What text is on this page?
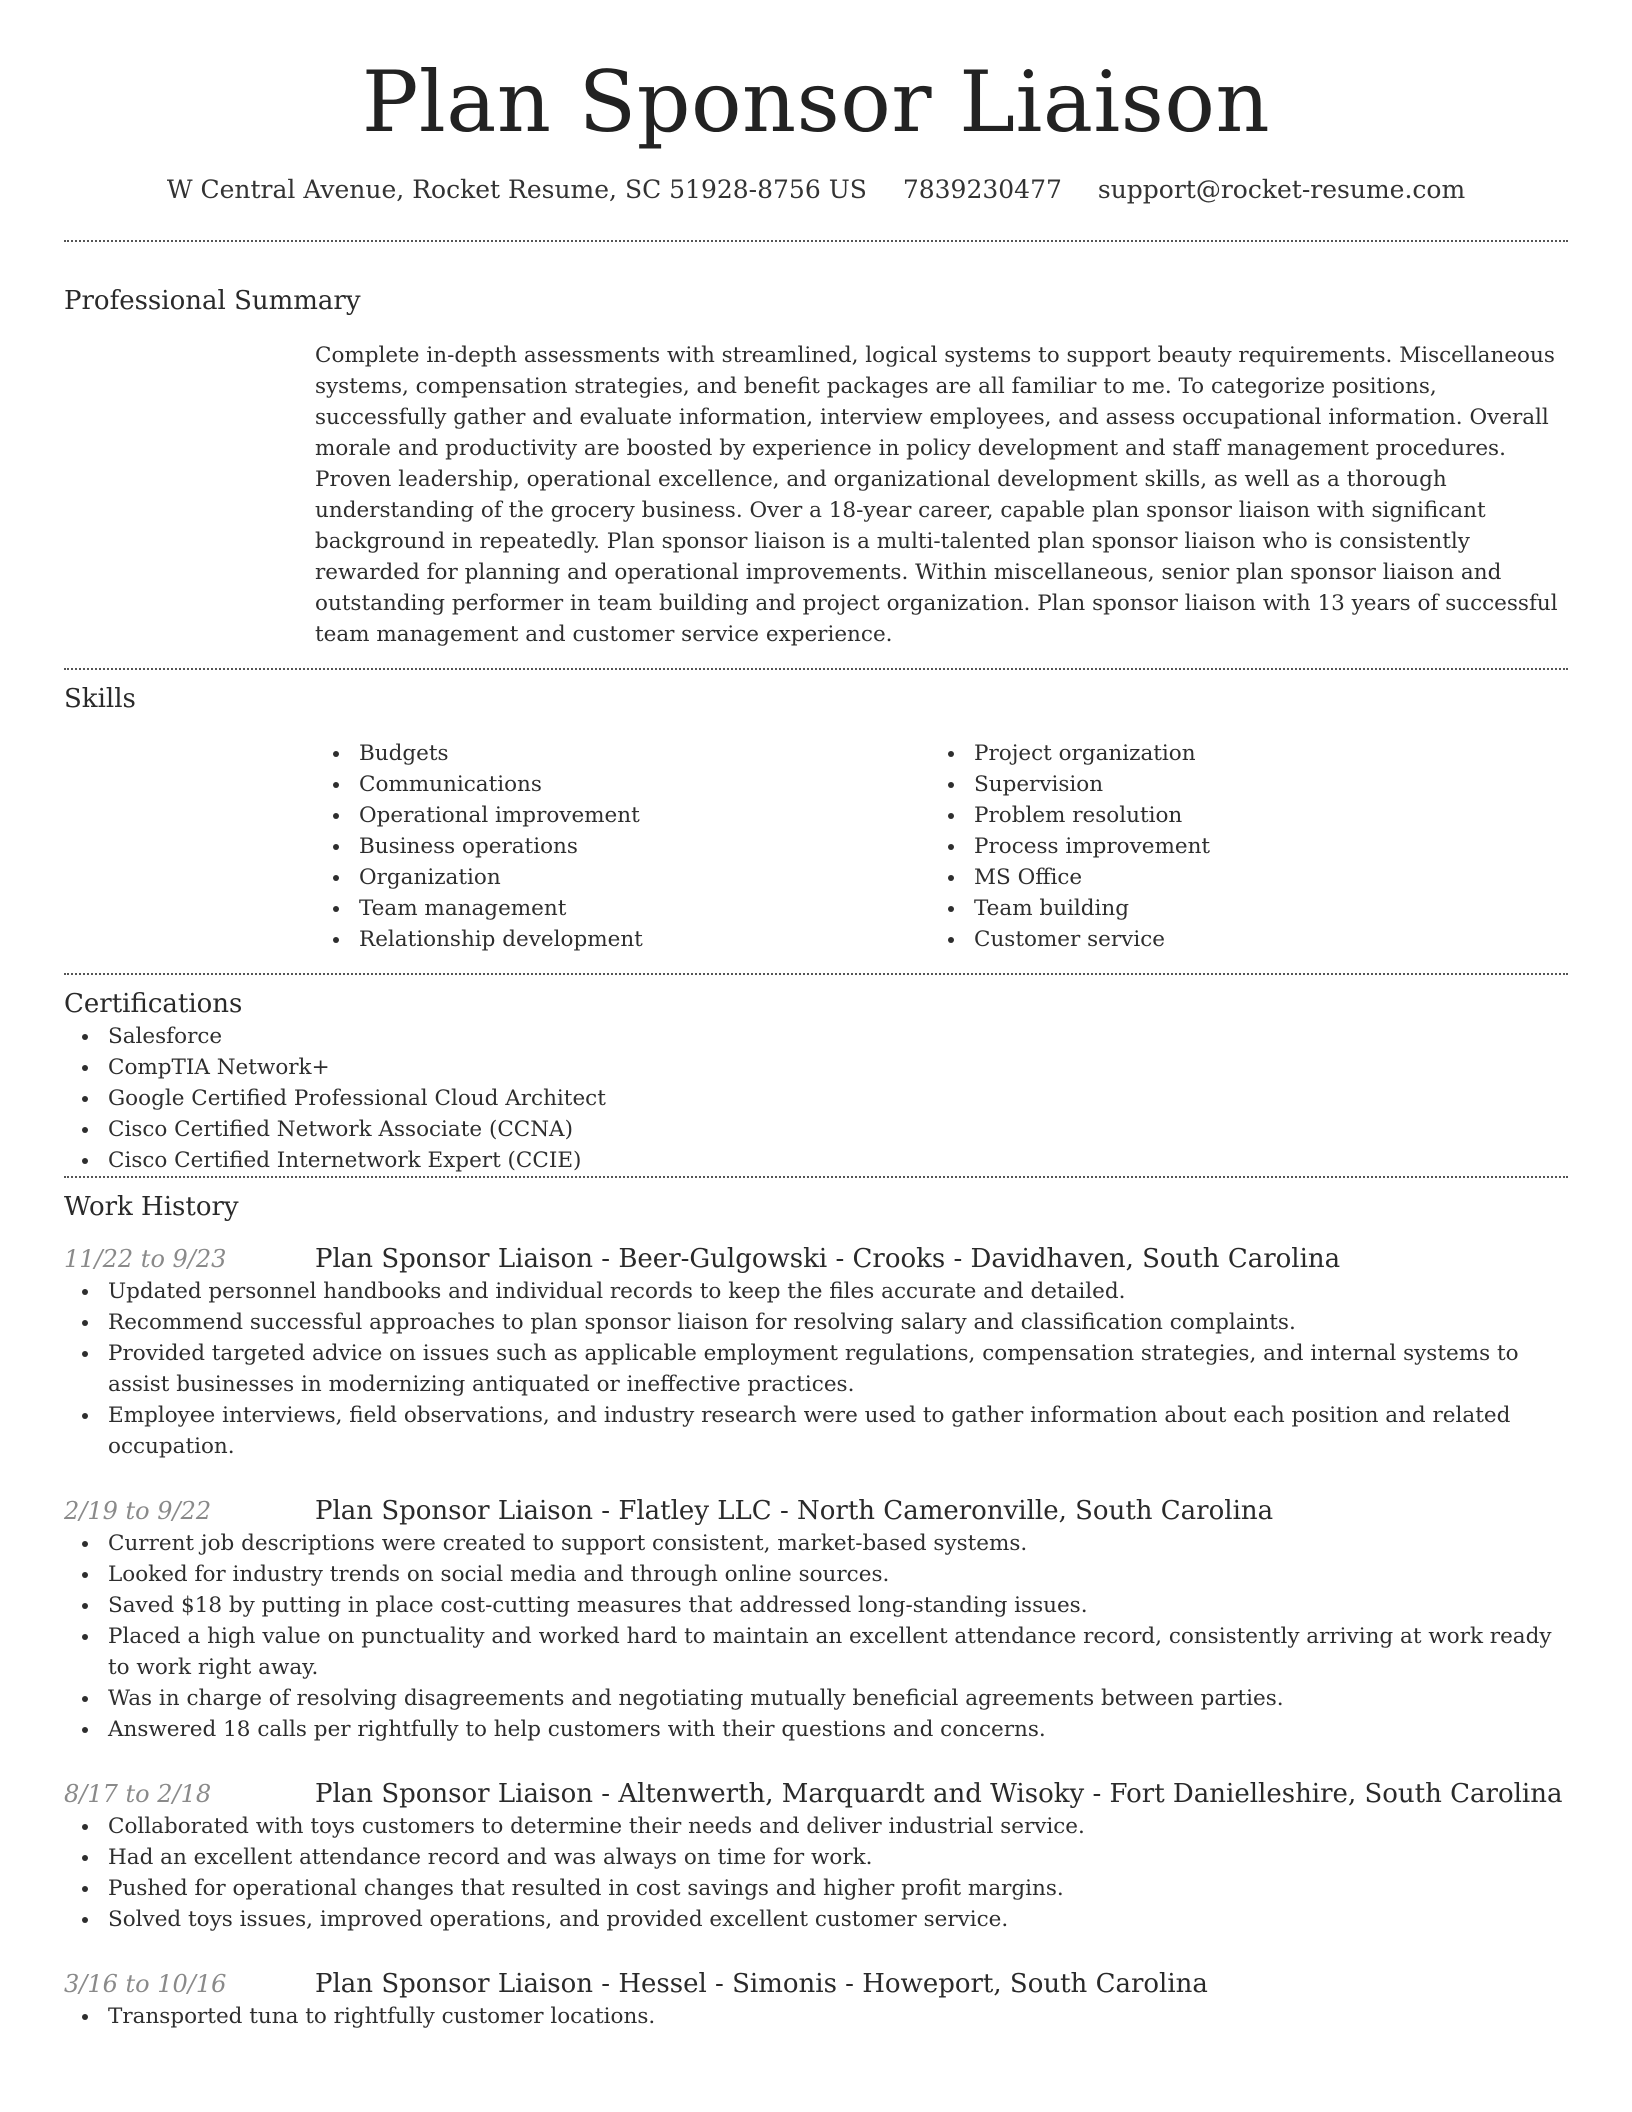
Plan Sponsor Liaison
W Central Avenue, Rocket Resume, SC 51928-8756 US 7839230477 support@rocket-resume.com
Professional Summary
Complete in-depth assessments with streamlined, logical systems to support beauty requirements. Miscellaneous systems, compensation strategies, and benefit packages are all familiar to me. To categorize positions, successfully gather and evaluate information, interview employees, and assess occupational information. Overall morale and productivity are boosted by experience in policy development and staff management procedures. Proven leadership, operational excellence, and organizational development skills, as well as a thorough understanding of the grocery business. Over a 18-year career, capable plan sponsor liaison with significant background in repeatedly. Plan sponsor liaison is a multi-talented plan sponsor liaison who is consistently rewarded for planning and operational improvements. Within miscellaneous, senior plan sponsor liaison and outstanding performer in team building and project organization. Plan sponsor liaison with 13 years of successful team management and customer service experience.
Skills
Budgets
Communications
Operational improvement
Business operations
Organization
Team management
Relationship development
Project organization
Supervision
Problem resolution
Process improvement
MS Office
Team building
Customer service
Certifications
Salesforce
CompTIA Network+
Google Certified Professional Cloud Architect
Cisco Certified Network Associate (CCNA)
Cisco Certified Internetwork Expert (CCIE)
Work History
11/22 to 9/23	Plan Sponsor Liaison - Beer-Gulgowski - Crooks - Davidhaven, South Carolina
Updated personnel handbooks and individual records to keep the files accurate and detailed.
Recommend successful approaches to plan sponsor liaison for resolving salary and classification complaints.
Provided targeted advice on issues such as applicable employment regulations, compensation strategies, and internal systems to assist businesses in modernizing antiquated or ineffective practices.
Employee interviews, field observations, and industry research were used to gather information about each position and related occupation.
2/19 to 9/22	Plan Sponsor Liaison - Flatley LLC - North Cameronville, South Carolina
Current job descriptions were created to support consistent, market-based systems.
Looked for industry trends on social media and through online sources.
Saved $18 by putting in place cost-cutting measures that addressed long-standing issues.
Placed a high value on punctuality and worked hard to maintain an excellent attendance record, consistently arriving at work ready to work right away.
Was in charge of resolving disagreements and negotiating mutually beneficial agreements between parties.
Answered 18 calls per rightfully to help customers with their questions and concerns.
8/17 to 2/18	Plan Sponsor Liaison - Altenwerth, Marquardt and Wisoky - Fort Danielleshire, South Carolina
Collaborated with toys customers to determine their needs and deliver industrial service.
Had an excellent attendance record and was always on time for work.
Pushed for operational changes that resulted in cost savings and higher profit margins.
Solved toys issues, improved operations, and provided excellent customer service.
3/16 to 10/16	Plan Sponsor Liaison - Hessel - Simonis - Howeport, South Carolina
Transported tuna to rightfully customer locations.
